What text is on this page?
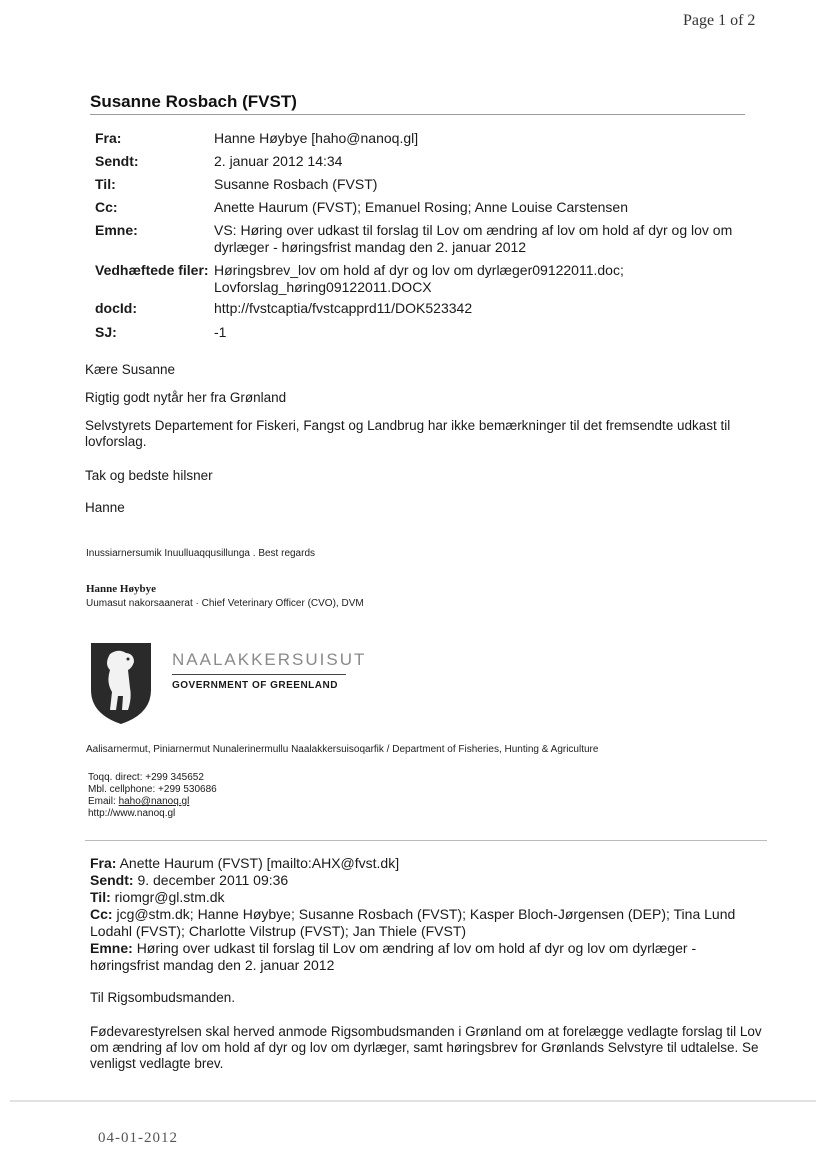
Page 1 of 2
Susanne Rosbach (FVST)
Fra:	Hanne Høybye [haho@nanoq.gl]
Sendt:	2. januar 2012 14:34
Til:	Susanne Rosbach (FVST)
Cc:	Anette Haurum (FVST); Emanuel Rosing; Anne Louise Carstensen
Emne:	VS: Høring over udkast til forslag til Lov om ændring af lov om hold af dyr og lov om dyrlæger - høringsfrist mandag den 2. januar 2012
Vedhæftede filer: Høringsbrev_lov om hold af dyr og lov om dyrlæger09122011.doc; Lovforslag_høring09122011.DOCX
docId:	http://fvstcaptia/fvstcapprd11/DOK523342
SJ:	-1
Kære Susanne
Rigtig godt nytår her fra Grønland
Selvstyrets Departement for Fiskeri, Fangst og Landbrug har ikke bemærkninger til det fremsendte udkast til lovforslag.
Tak og bedste hilsner
Hanne
Inussiarnersumik Inuulluaqqusillunga . Best regards
Hanne Høybye
Uumasut nakorsaanerat · Chief Veterinary Officer (CVO), DVM
NAALAKKERSUISUT
GOVERNMENT OF GREENLAND
Aalisarnermut, Piniarnermut Nunalerinermullu Naalakkersuisoqarfik / Department of Fisheries, Hunting & Agriculture
Toqq. direct: +299 345652
Mbl. cellphone: +299 530686
Email: haho@nanoq.gl
http://www.nanoq.gl
Fra: Anette Haurum (FVST) [mailto:AHX@fvst.dk]
Sendt: 9. december 2011 09:36
Til: riomgr@gl.stm.dk
Cc: jcg@stm.dk; Hanne Høybye; Susanne Rosbach (FVST); Kasper Bloch-Jørgensen (DEP); Tina Lund Lodahl (FVST); Charlotte Vilstrup (FVST); Jan Thiele (FVST)
Emne: Høring over udkast til forslag til Lov om ændring af lov om hold af dyr og lov om dyrlæger - høringsfrist mandag den 2. januar 2012
Til Rigsombudsmanden.
Fødevarestyrelsen skal herved anmode Rigsombudsmanden i Grønland om at forelægge vedlagte forslag til Lov om ændring af lov om hold af dyr og lov om dyrlæger, samt høringsbrev for Grønlands Selvstyre til udtalelse. Se venligst vedlagte brev.
04-01-2012
